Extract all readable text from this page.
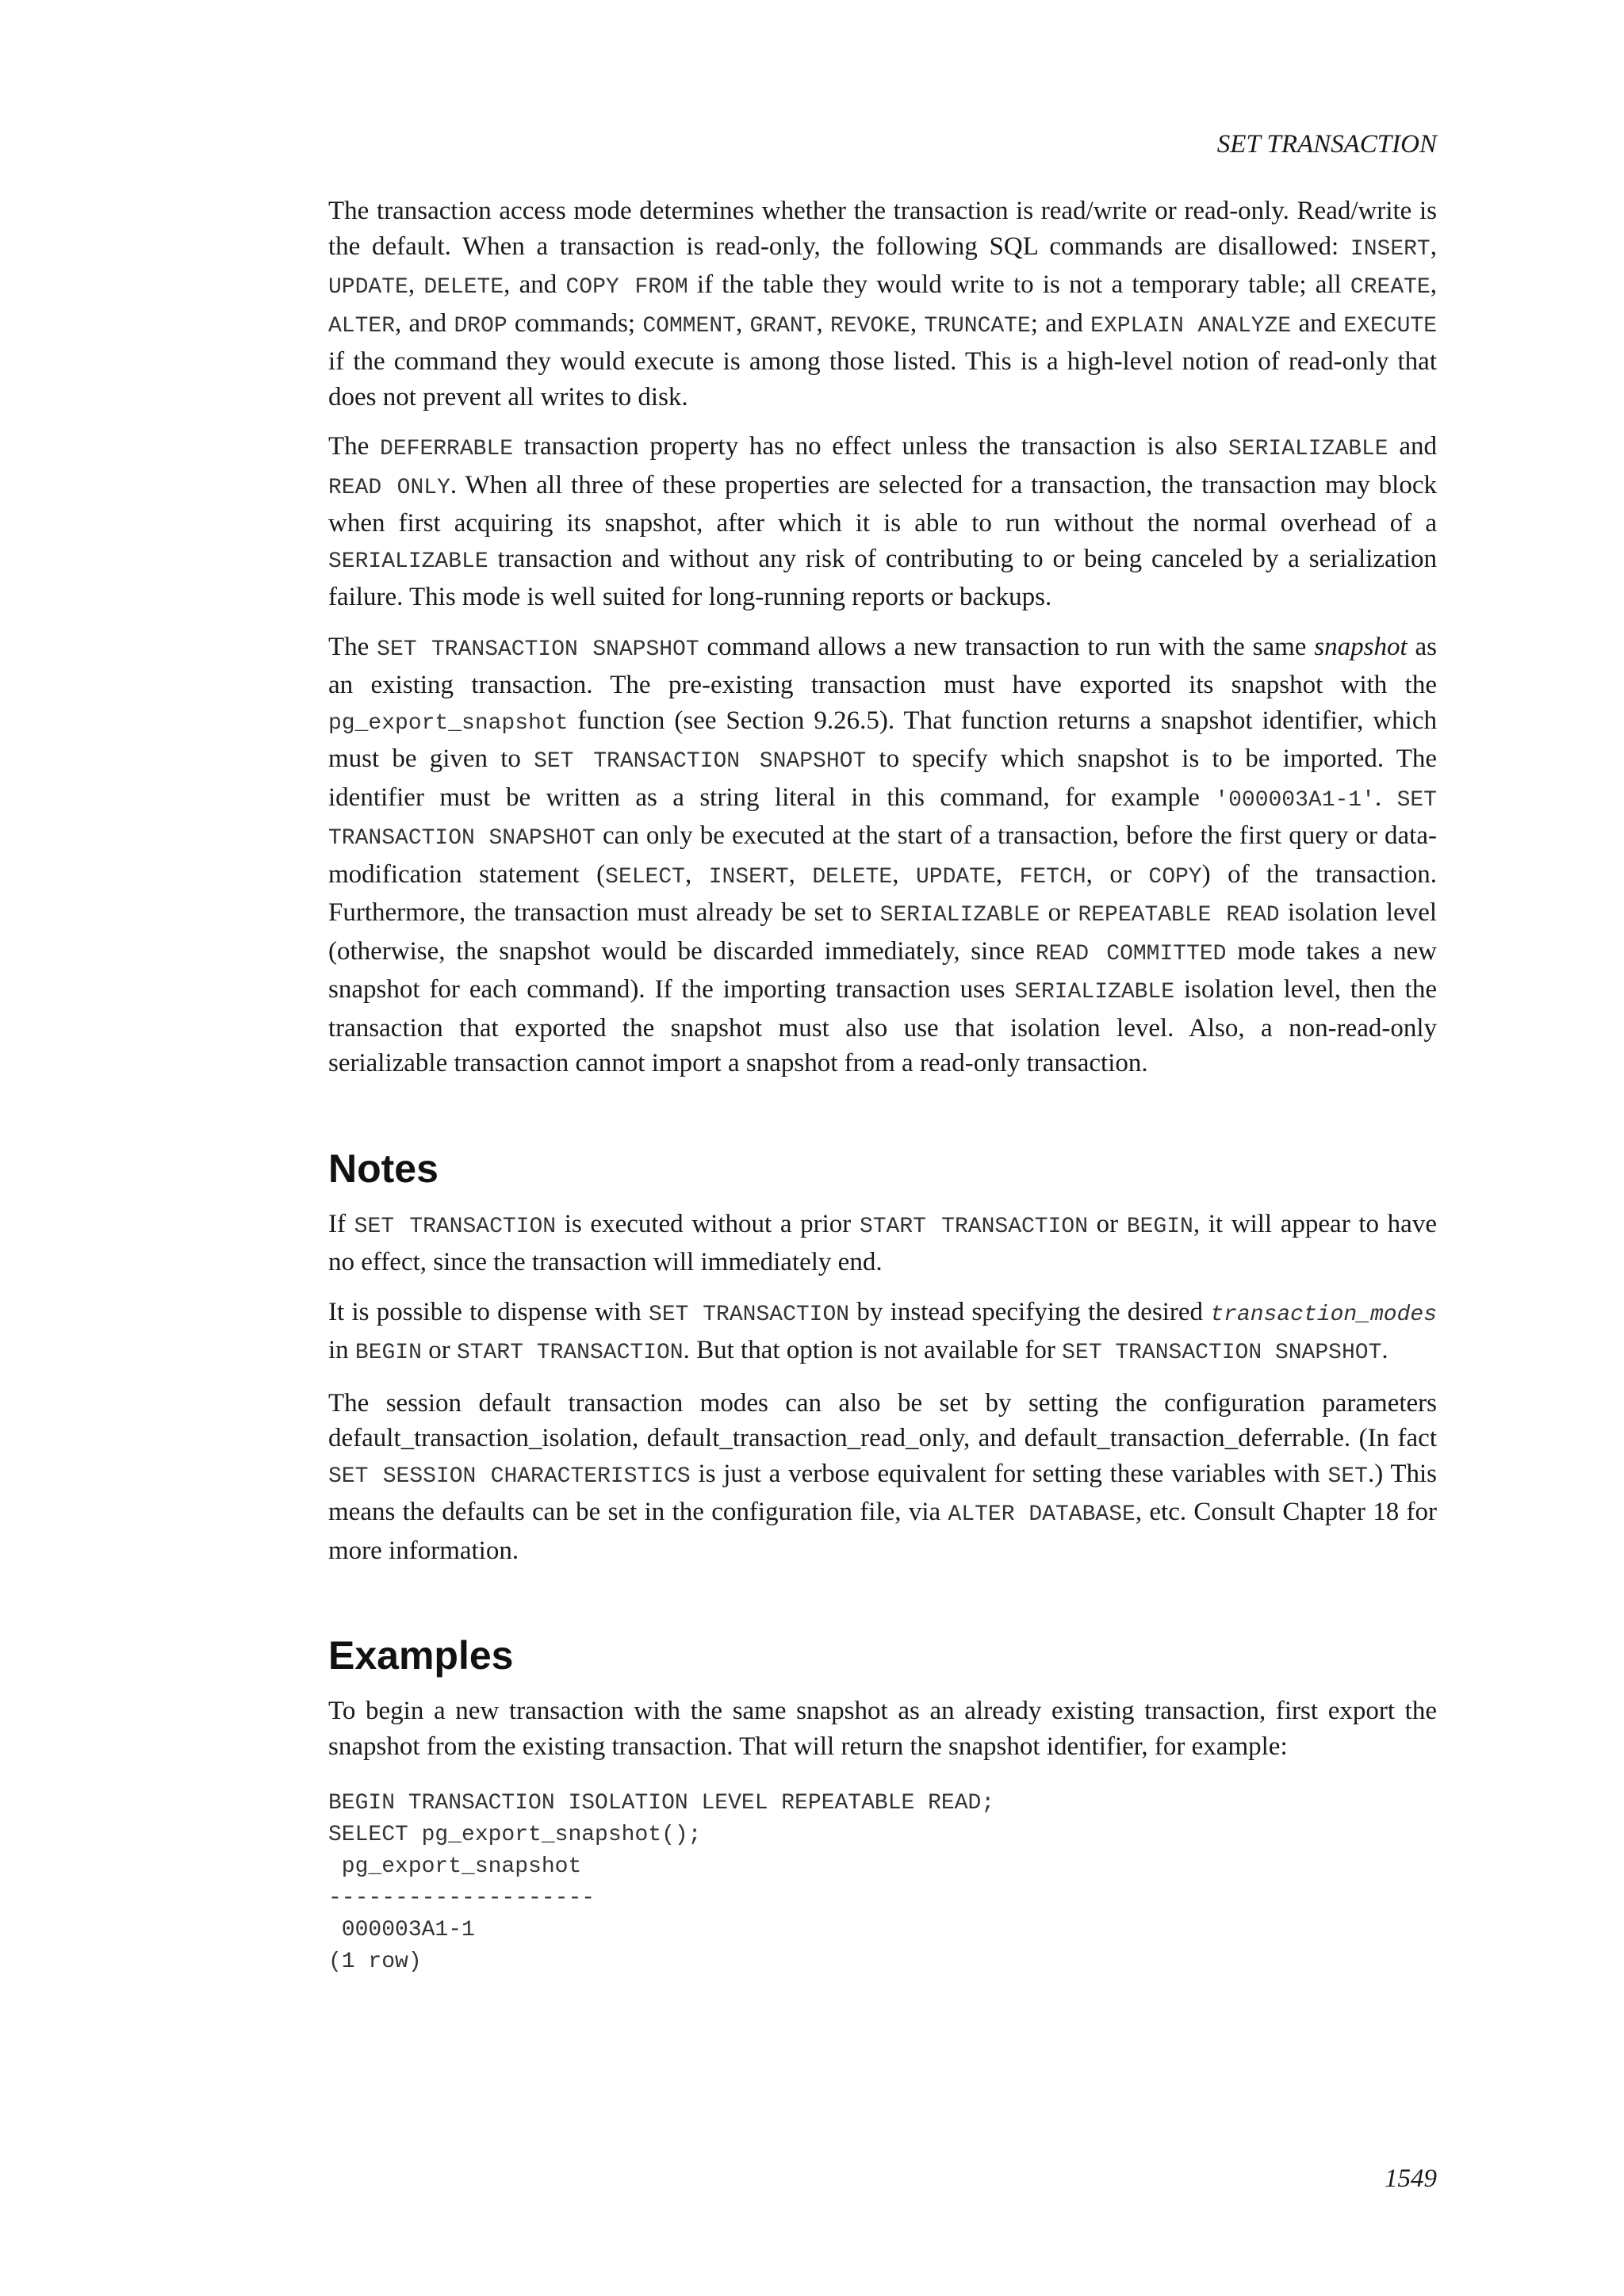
SET TRANSACTION

The transaction access mode determines whether the transaction is read/write or read-only. Read/write is the default. When a transaction is read-only, the following SQL commands are disallowed: INSERT, UPDATE, DELETE, and COPY FROM if the table they would write to is not a temporary table; all CREATE, ALTER, and DROP commands; COMMENT, GRANT, REVOKE, TRUNCATE; and EXPLAIN ANALYZE and EXECUTE if the command they would execute is among those listed. This is a high-level notion of read-only that does not prevent all writes to disk.

The DEFERRABLE transaction property has no effect unless the transaction is also SERIALIZABLE and READ ONLY. When all three of these properties are selected for a transaction, the transaction may block when first acquiring its snapshot, after which it is able to run without the normal overhead of a SERIALIZABLE transaction and without any risk of contributing to or being canceled by a serialization failure. This mode is well suited for long-running reports or backups.

The SET TRANSACTION SNAPSHOT command allows a new transaction to run with the same snapshot as an existing transaction. The pre-existing transaction must have exported its snapshot with the pg_export_snapshot function (see Section 9.26.5). That function returns a snapshot identifier, which must be given to SET TRANSACTION SNAPSHOT to specify which snapshot is to be imported. The identifier must be written as a string literal in this command, for example '000003A1-1'. SET TRANSACTION SNAPSHOT can only be executed at the start of a transaction, before the first query or data-modification statement (SELECT, INSERT, DELETE, UPDATE, FETCH, or COPY) of the transaction. Furthermore, the transaction must already be set to SERIALIZABLE or REPEATABLE READ isolation level (otherwise, the snapshot would be discarded immediately, since READ COMMITTED mode takes a new snapshot for each command). If the importing transaction uses SERIALIZABLE isolation level, then the transaction that exported the snapshot must also use that isolation level. Also, a non-read-only serializable transaction cannot import a snapshot from a read-only transaction.

Notes

If SET TRANSACTION is executed without a prior START TRANSACTION or BEGIN, it will appear to have no effect, since the transaction will immediately end.

It is possible to dispense with SET TRANSACTION by instead specifying the desired transaction_modes in BEGIN or START TRANSACTION. But that option is not available for SET TRANSACTION SNAPSHOT.

The session default transaction modes can also be set by setting the configuration parameters default_transaction_isolation, default_transaction_read_only, and default_transaction_deferrable. (In fact SET SESSION CHARACTERISTICS is just a verbose equivalent for setting these variables with SET.) This means the defaults can be set in the configuration file, via ALTER DATABASE, etc. Consult Chapter 18 for more information.

Examples

To begin a new transaction with the same snapshot as an already existing transaction, first export the snapshot from the existing transaction. That will return the snapshot identifier, for example:

BEGIN TRANSACTION ISOLATION LEVEL REPEATABLE READ;
SELECT pg_export_snapshot();
pg_export_snapshot
--------------------
000003A1-1
(1 row)
1549
